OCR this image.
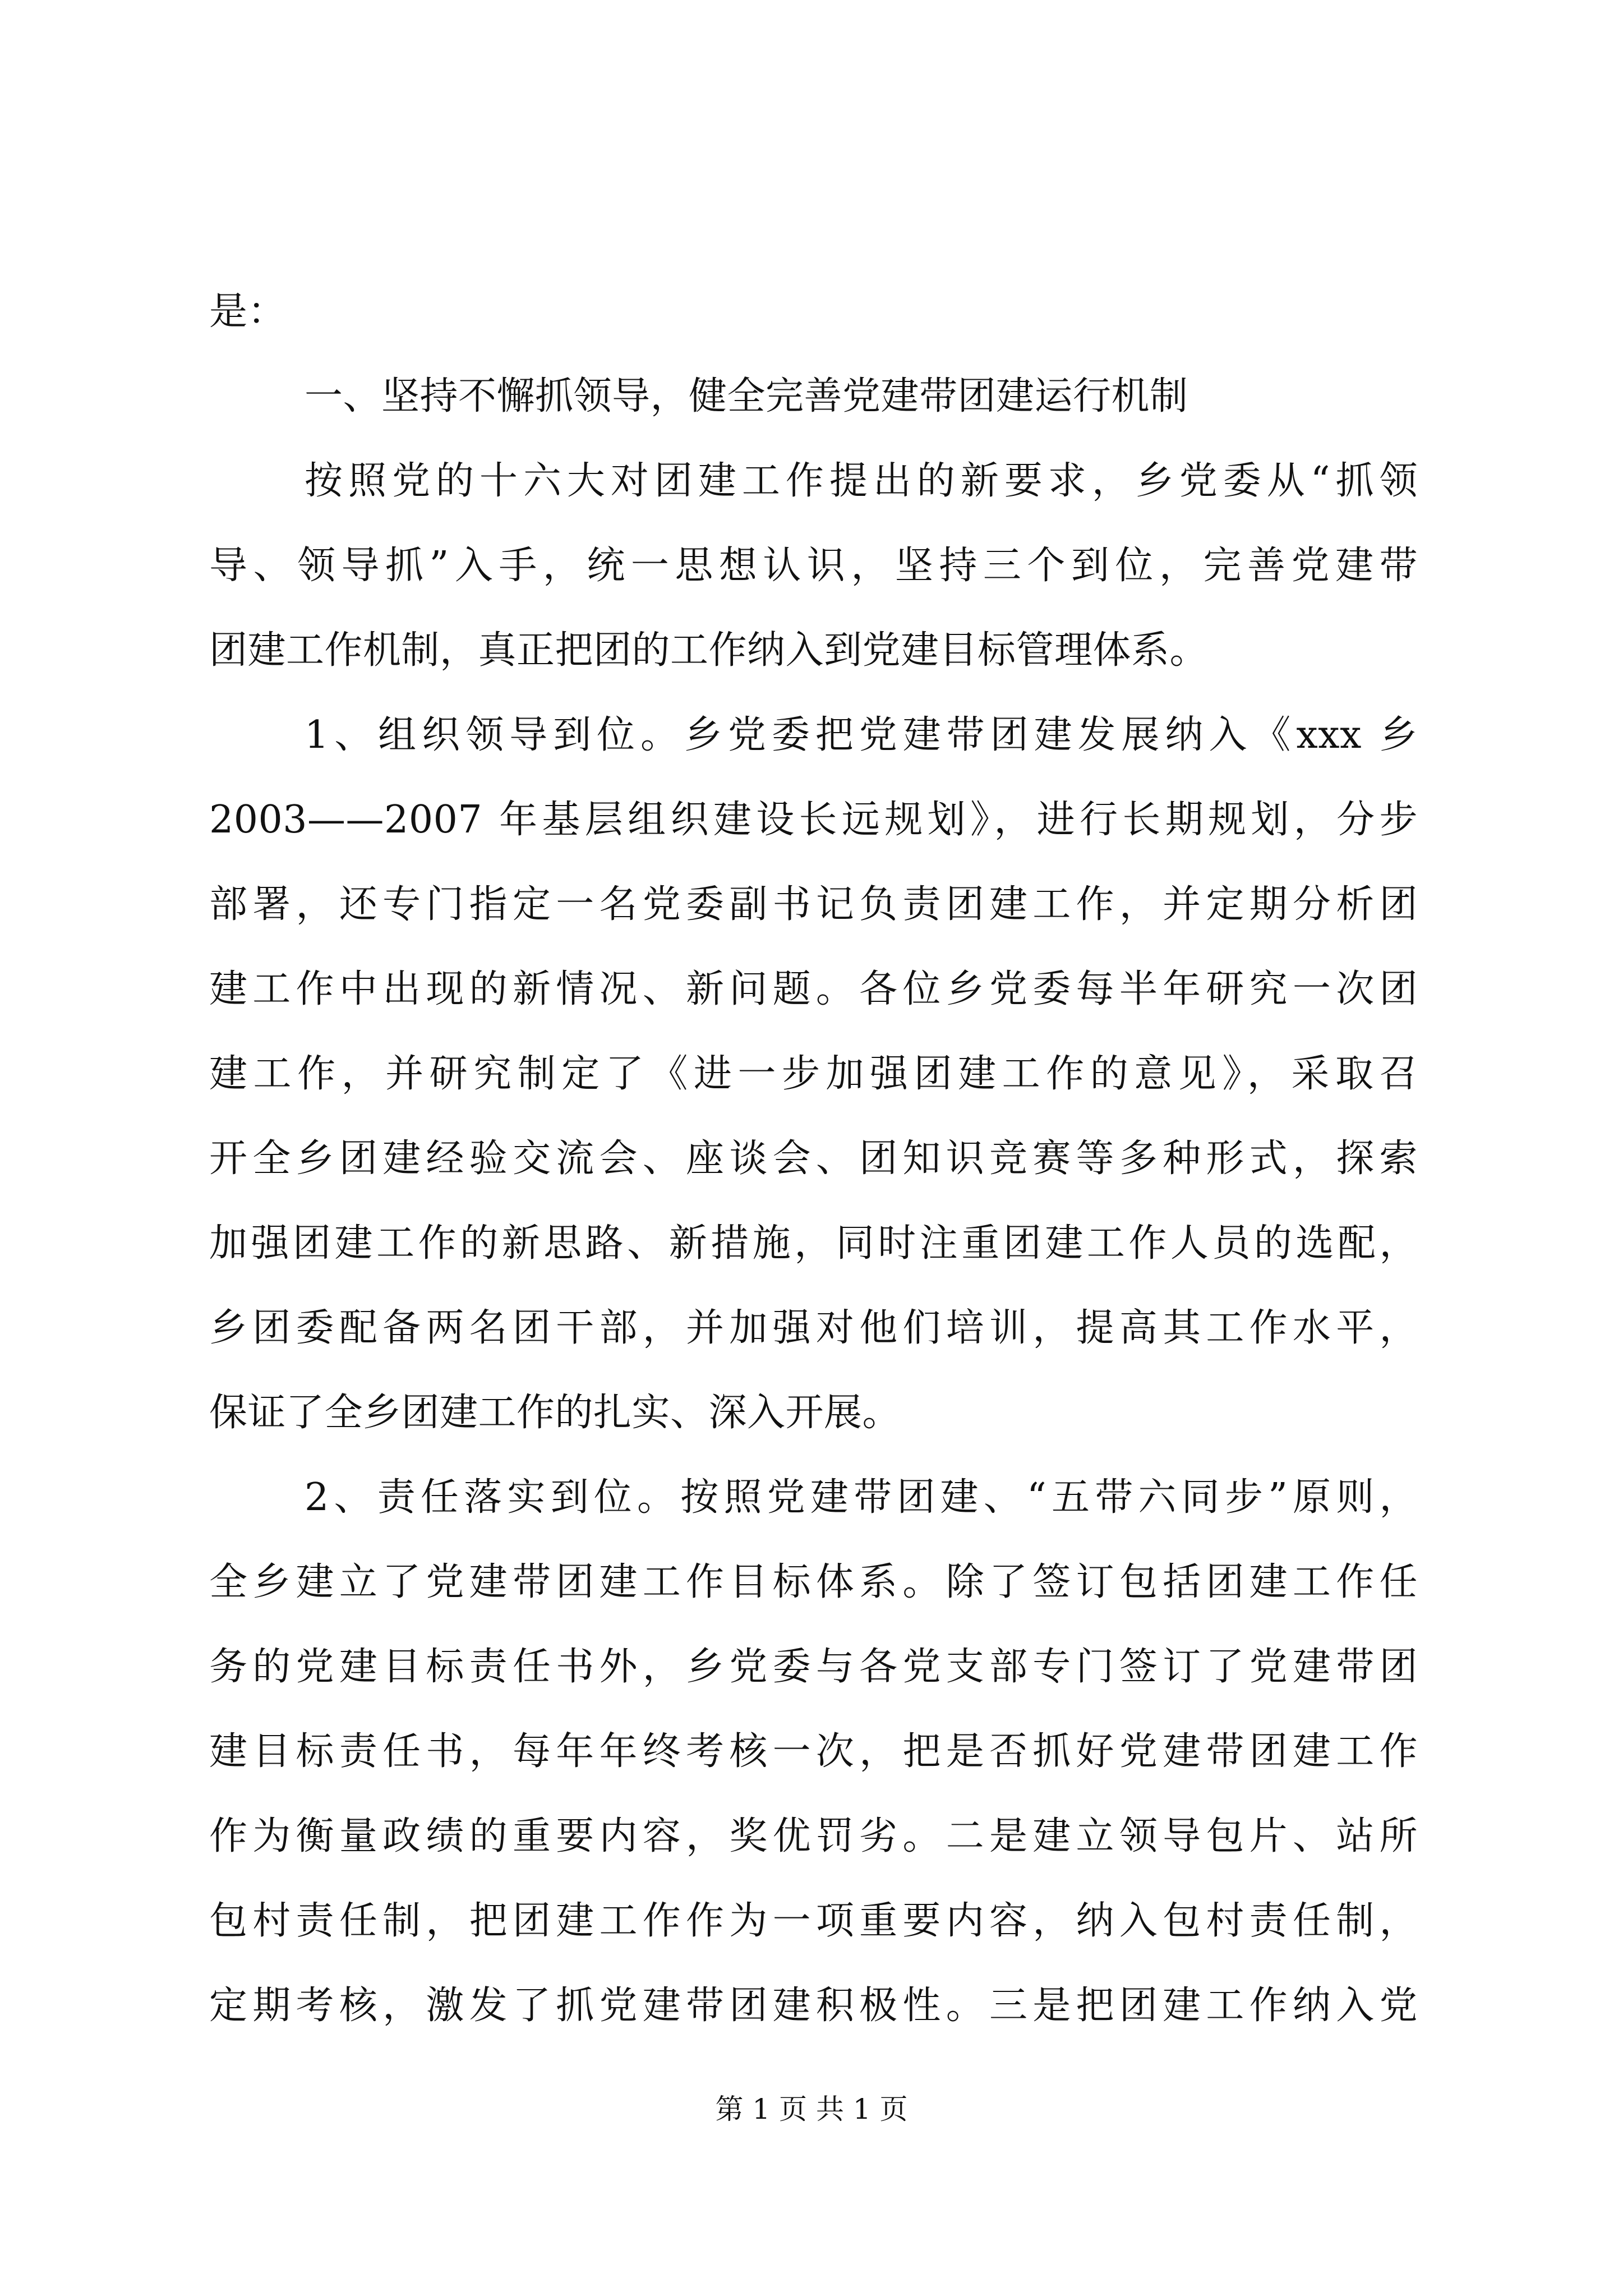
是：
一、坚持不懈抓领导，健全完善党建带团建运行机制
按照党的十六大对团建工作提出的新要求，乡党委从“抓领
导、领导抓”入手，统一思想认识，坚持三个到位，完善党建带
团建工作机制，真正把团的工作纳入到党建目标管理体系。
1、组织领导到位。乡党委把党建带团建发展纳入《xxx 乡
2003——2007 年基层组织建设长远规划》，进行长期规划，分步
部署，还专门指定一名党委副书记负责团建工作，并定期分析团
建工作中出现的新情况、新问题。各位乡党委每半年研究一次团
建工作，并研究制定了《进一步加强团建工作的意见》，采取召
开全乡团建经验交流会、座谈会、团知识竞赛等多种形式，探索
加强团建工作的新思路、新措施，同时注重团建工作人员的选配，
乡团委配备两名团干部，并加强对他们培训，提高其工作水平，
保证了全乡团建工作的扎实、深入开展。
2、责任落实到位。按照党建带团建、“五带六同步”原则，
全乡建立了党建带团建工作目标体系。除了签订包括团建工作任
务的党建目标责任书外，乡党委与各党支部专门签订了党建带团
建目标责任书，每年年终考核一次，把是否抓好党建带团建工作
作为衡量政绩的重要内容，奖优罚劣。二是建立领导包片、站所
包村责任制，把团建工作作为一项重要内容，纳入包村责任制，
定期考核，激发了抓党建带团建积极性。三是把团建工作纳入党
第 1 页 共 1 页
